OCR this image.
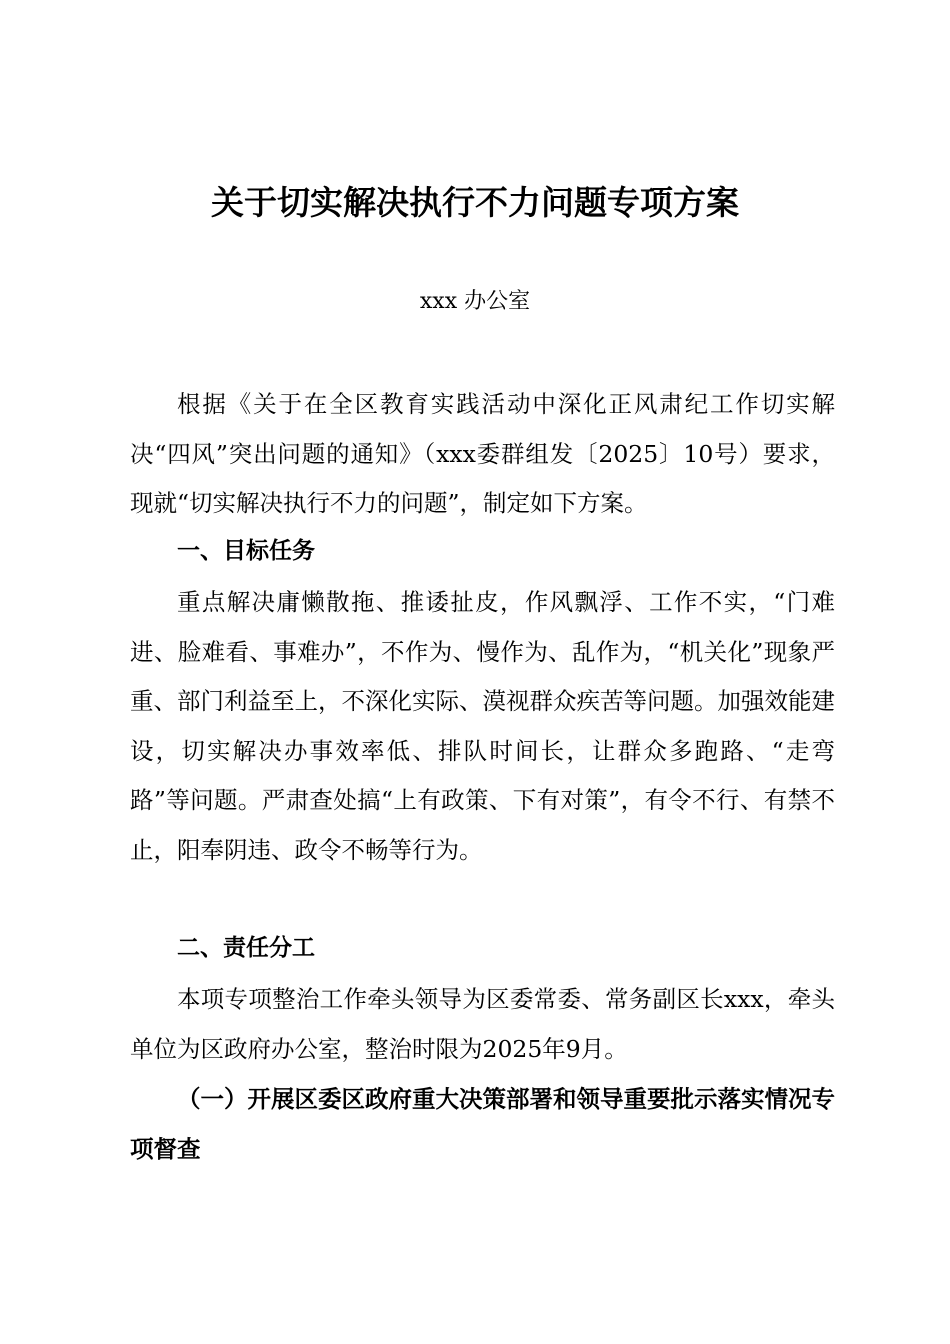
关于切实解决执行不力问题专项方案
xxx 办公室

根据《关于在全区教育实践活动中深化正风肃纪工作切实解决“四风”突出问题的通知》（xxx委群组发〔2025〕10号）要求，现就“切实解决执行不力的问题”，制定如下方案。

一、目标任务

重点解决庸懒散拖、推诿扯皮，作风飘浮、工作不实，“门难进、脸难看、事难办”，不作为、慢作为、乱作为，“机关化”现象严重、部门利益至上，不深化实际、漠视群众疾苦等问题。加强效能建设，切实解决办事效率低、排队时间长，让群众多跑路、“走弯路”等问题。严肃查处搞“上有政策、下有对策”，有令不行、有禁不止，阳奉阴违、政令不畅等行为。

二、责任分工

本项专项整治工作牵头领导为区委常委、常务副区长xxx，牵头单位为区政府办公室，整治时限为2025年9月。

（一）开展区委区政府重大决策部署和领导重要批示落实情况专项督查
